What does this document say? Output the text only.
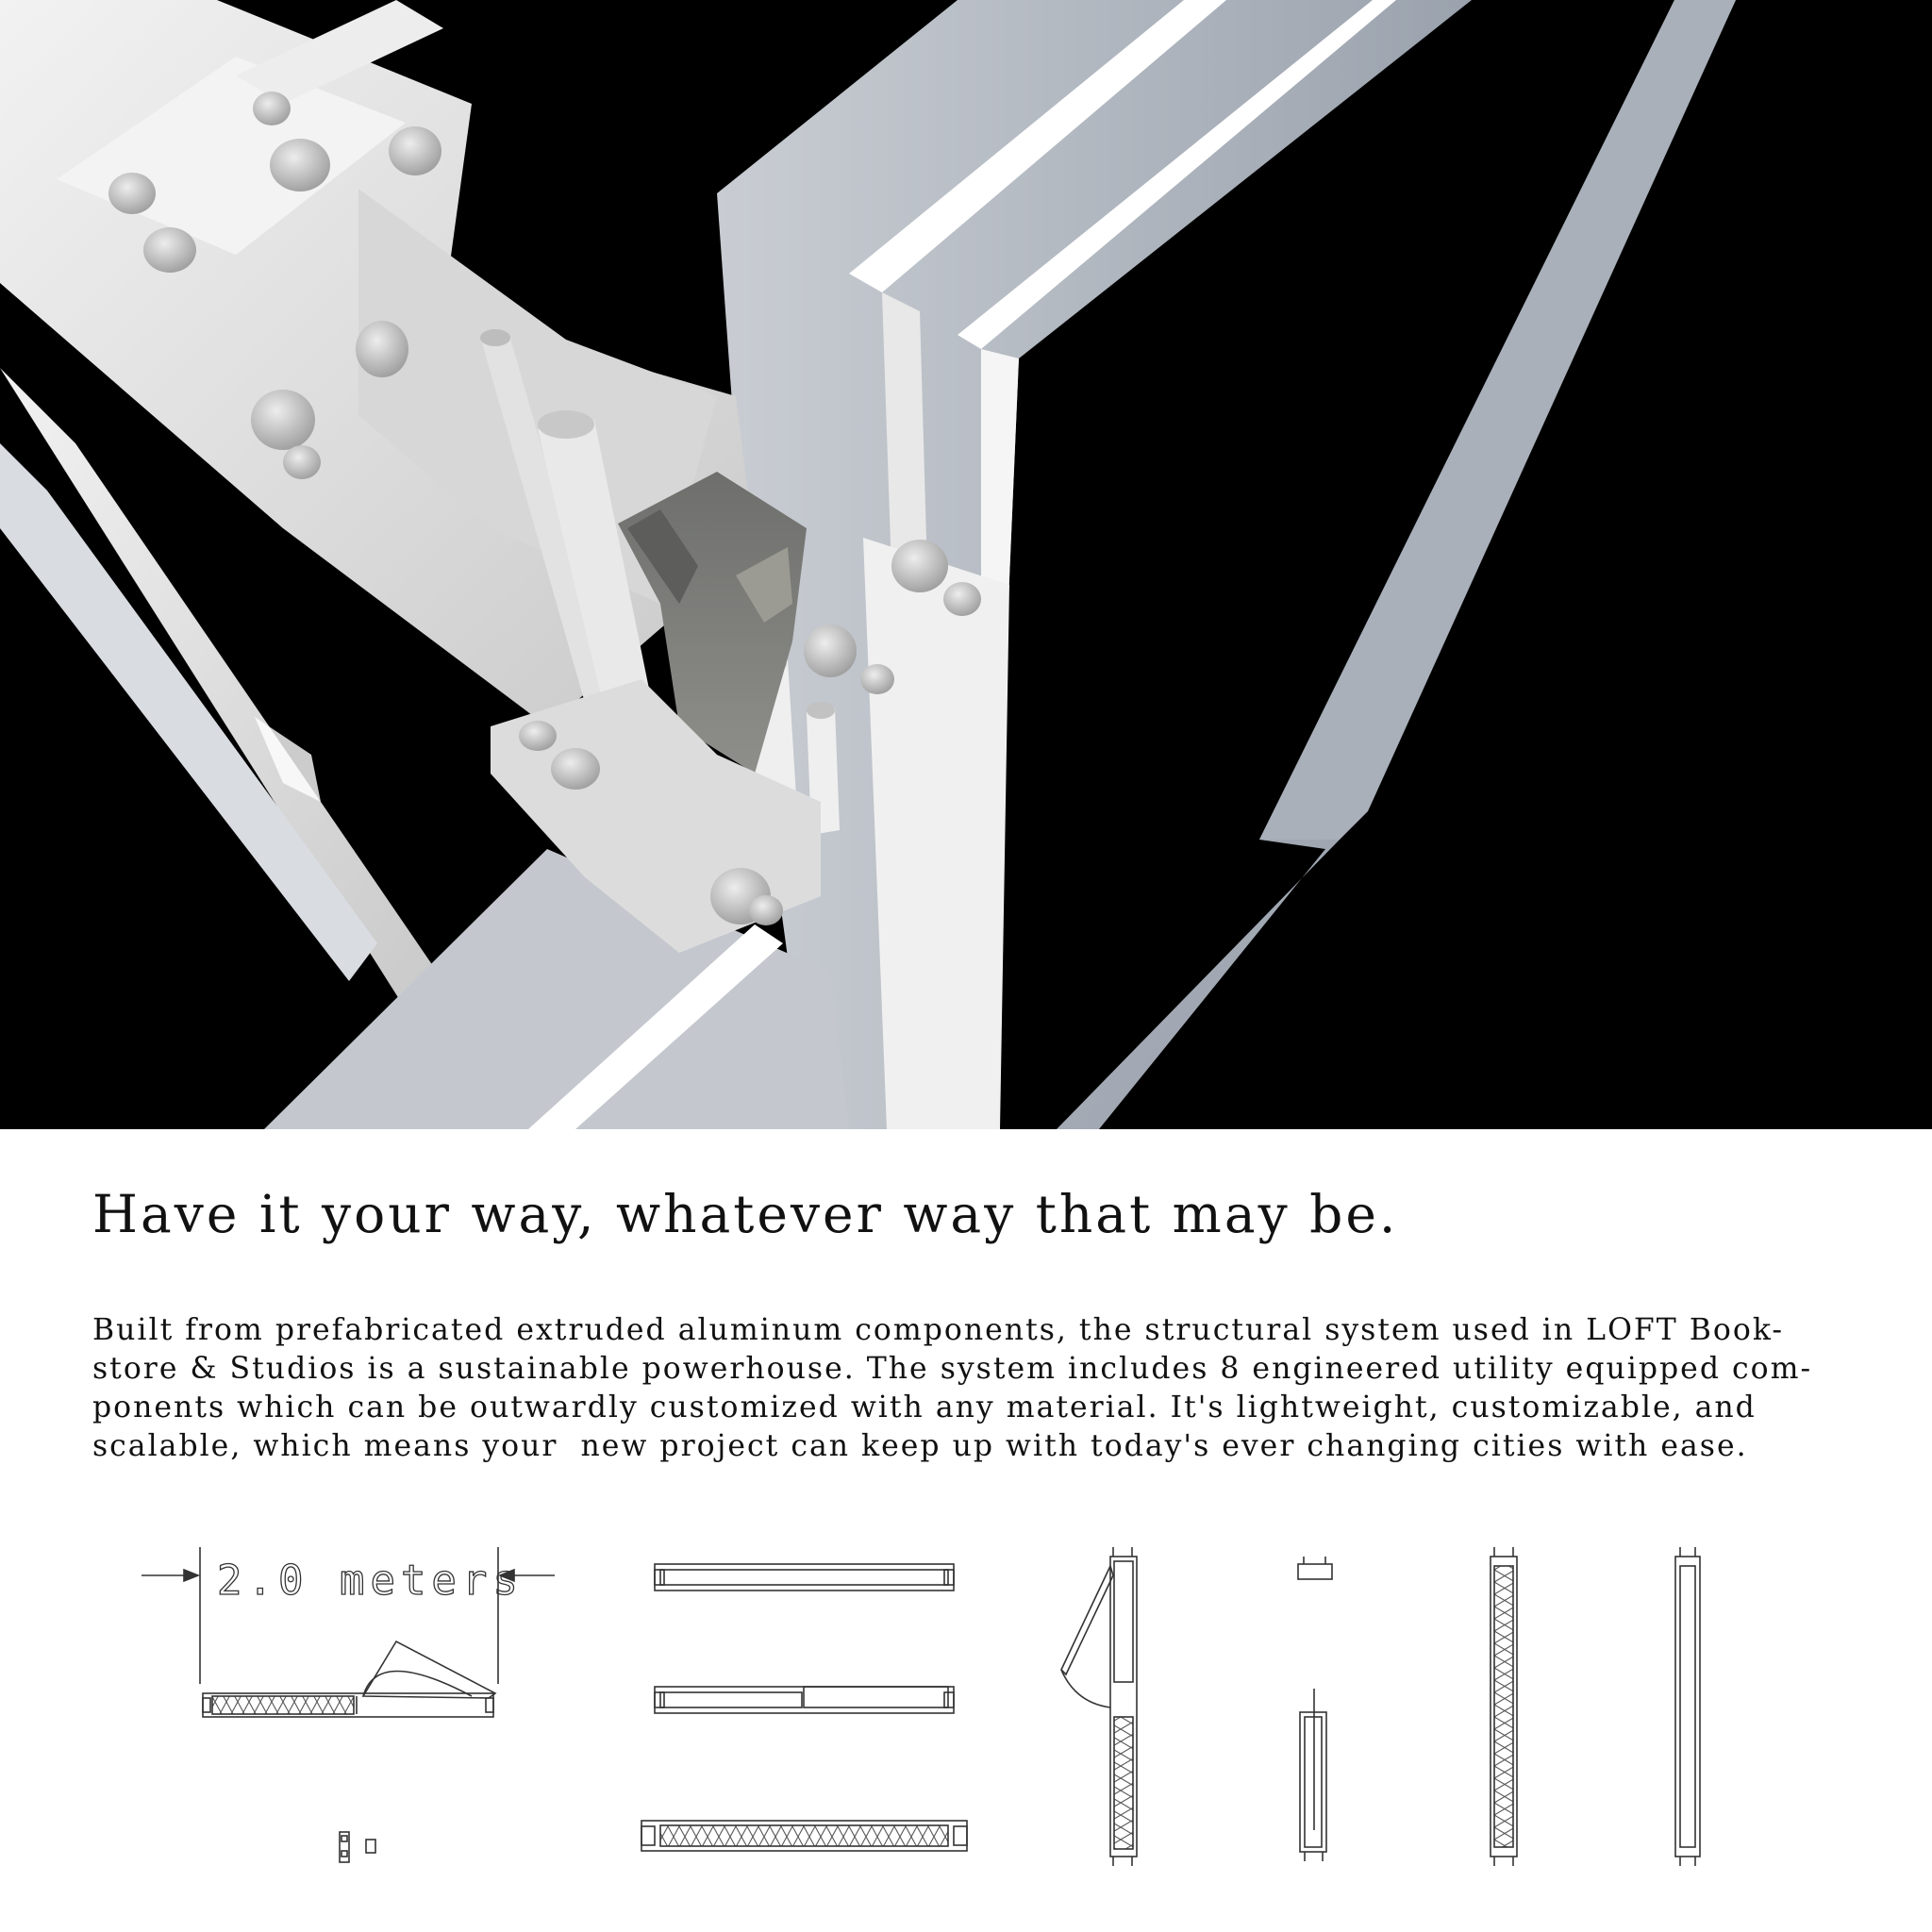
Have it your way, whatever way that may be.

Built from prefabricated extruded aluminum components, the structural system used in LOFT Book-
store & Studios is a sustainable powerhouse. The system includes 8 engineered utility equipped com-
ponents which can be outwardly customized with any material. It's lightweight, customizable, and
scalable, which means your  new project can keep up with today's ever changing cities with ease.

2.0 meters
